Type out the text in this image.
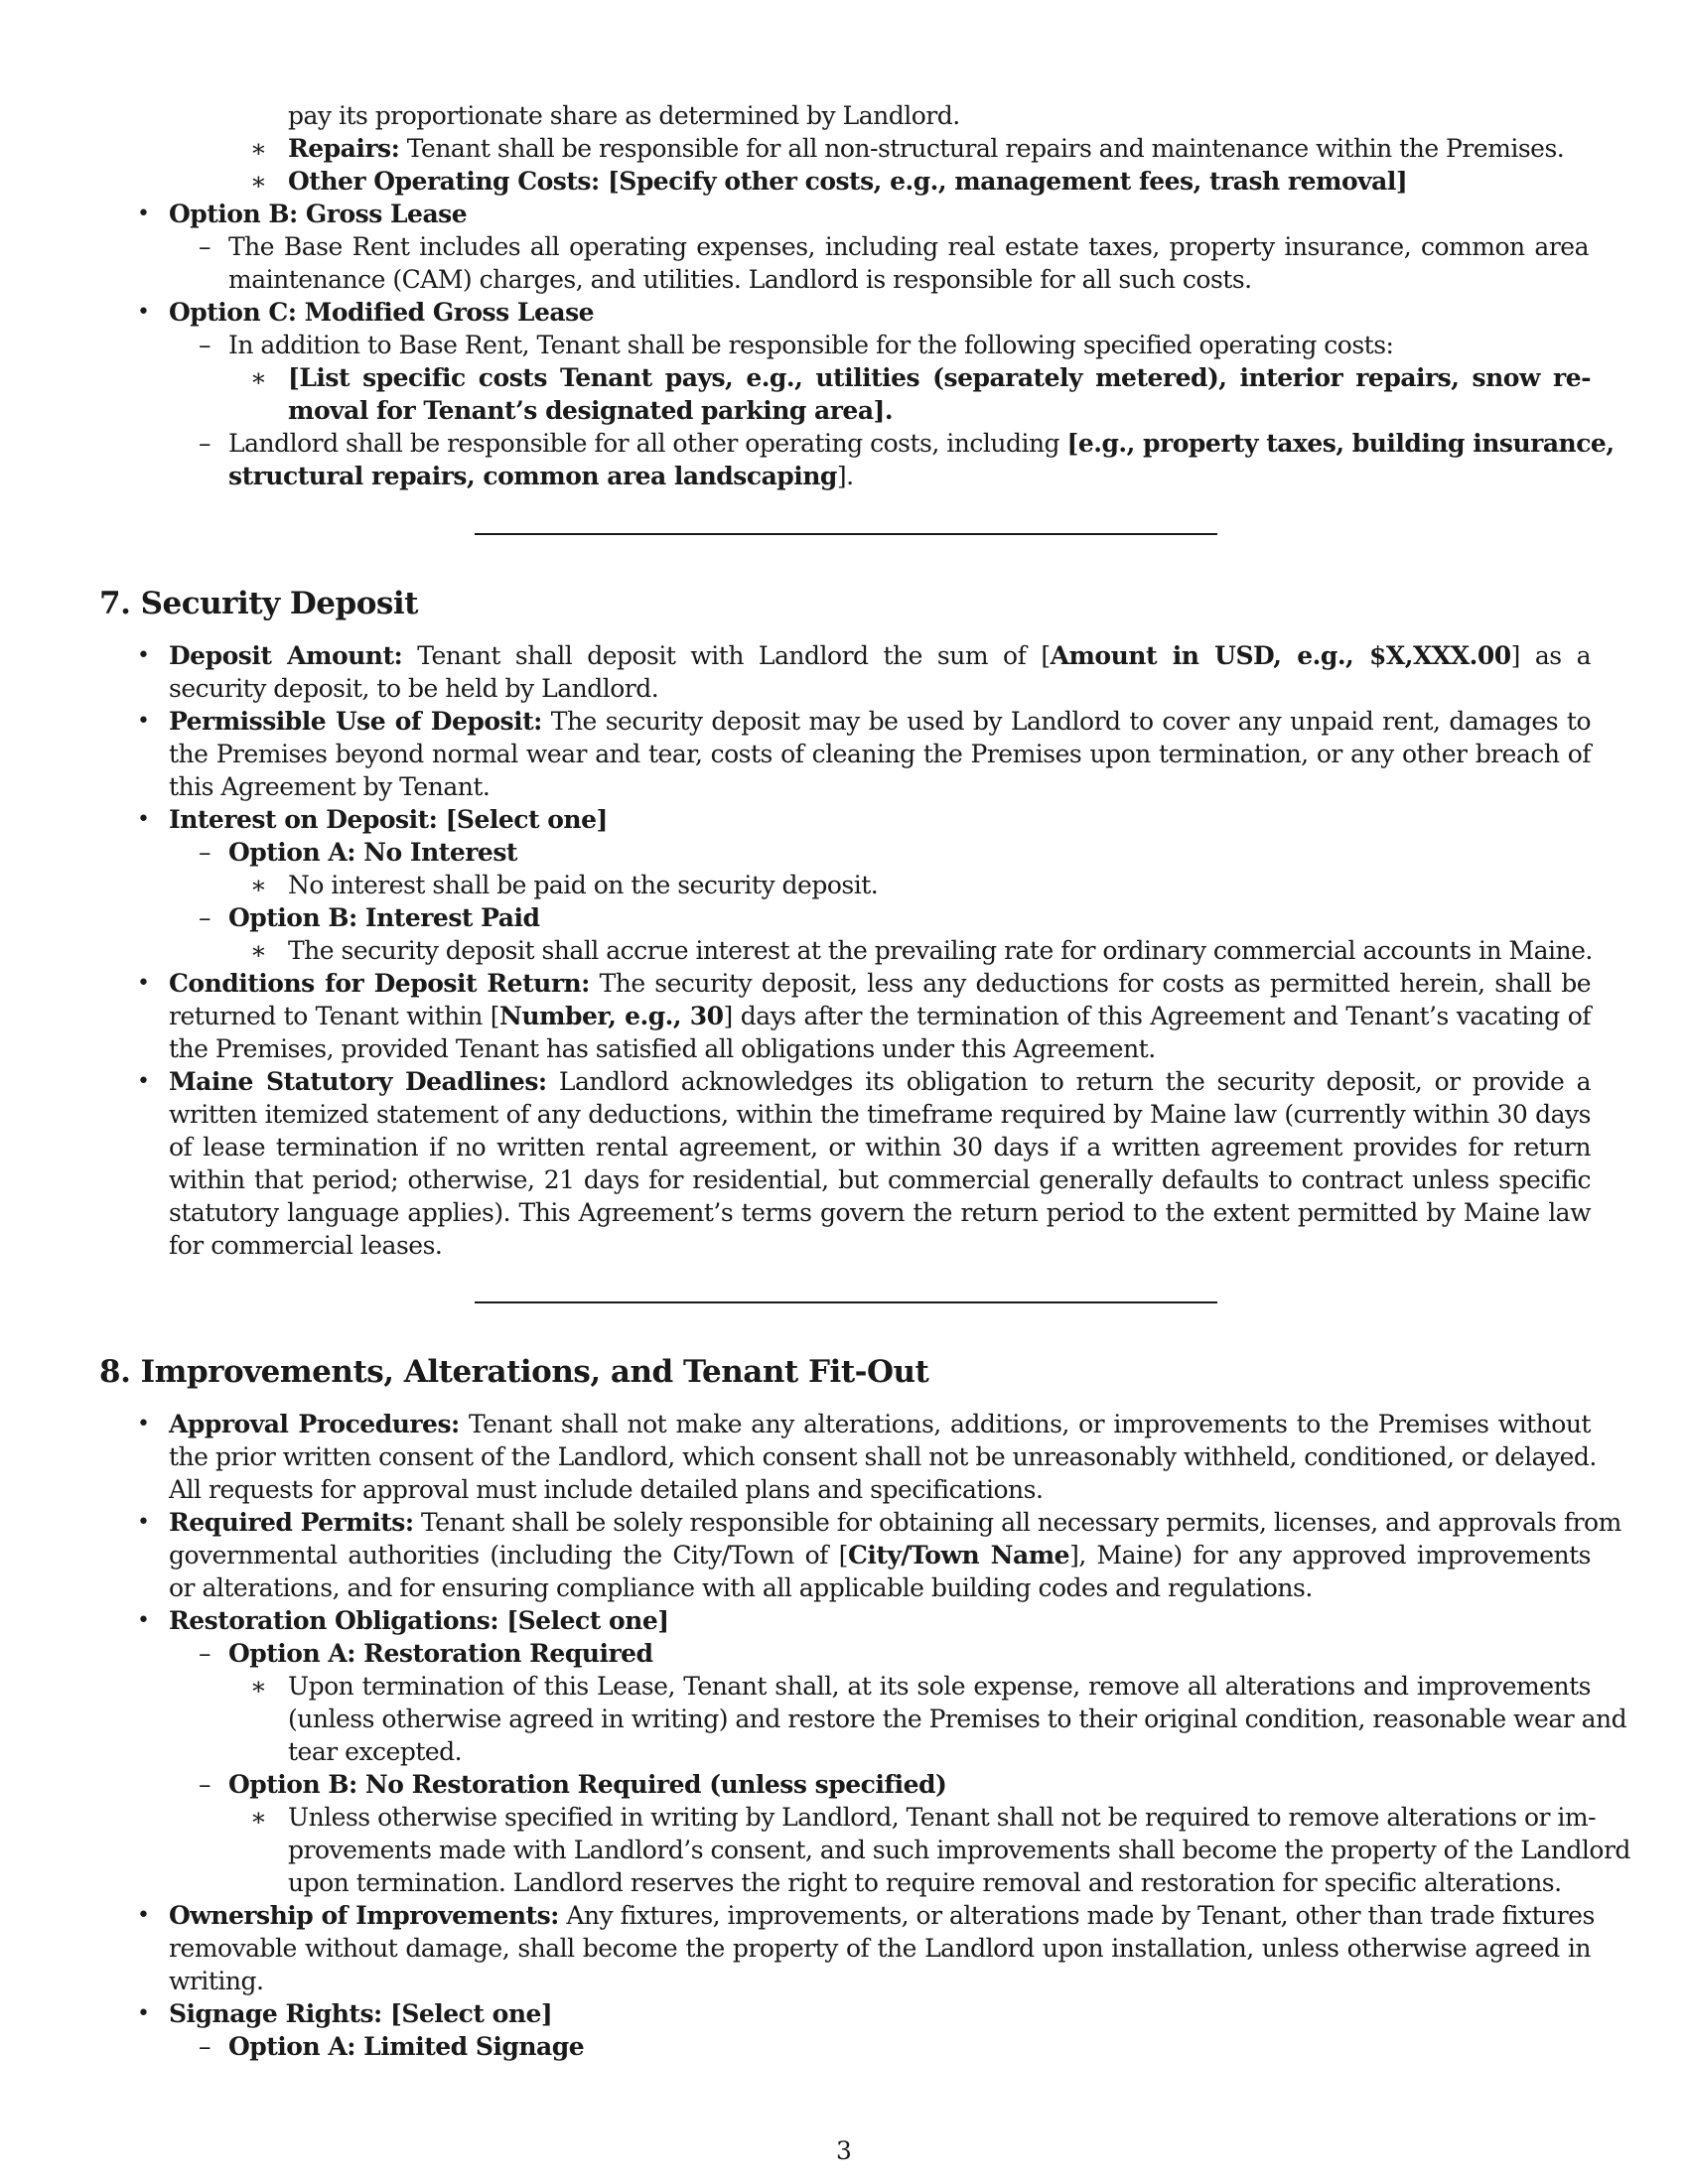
pay its proportionate share as determined by Landlord.
∗ Repairs: Tenant shall be responsible for all non-structural repairs and maintenance within the Premises.
∗ Other Operating Costs: [Specify other costs, e.g., management fees, trash removal]
• Option B: Gross Lease
– The Base Rent includes all operating expenses, including real estate taxes, property insurance, common area
maintenance (CAM) charges, and utilities. Landlord is responsible for all such costs.
• Option C: Modified Gross Lease
– In addition to Base Rent, Tenant shall be responsible for the following specified operating costs:
∗ [List specific costs Tenant pays, e.g., utilities (separately metered), interior repairs, snow re-
moval for Tenant’s designated parking area].
– Landlord shall be responsible for all other operating costs, including [e.g., property taxes, building insurance,
structural repairs, common area landscaping].
7. Security Deposit
• Deposit Amount: Tenant shall deposit with Landlord the sum of [Amount in USD, e.g., $X,XXX.00] as a
security deposit, to be held by Landlord.
• Permissible Use of Deposit: The security deposit may be used by Landlord to cover any unpaid rent, damages to
the Premises beyond normal wear and tear, costs of cleaning the Premises upon termination, or any other breach of
this Agreement by Tenant.
• Interest on Deposit: [Select one]
– Option A: No Interest
∗ No interest shall be paid on the security deposit.
– Option B: Interest Paid
∗ The security deposit shall accrue interest at the prevailing rate for ordinary commercial accounts in Maine.
• Conditions for Deposit Return: The security deposit, less any deductions for costs as permitted herein, shall be
returned to Tenant within [Number, e.g., 30] days after the termination of this Agreement and Tenant’s vacating of
the Premises, provided Tenant has satisfied all obligations under this Agreement.
• Maine Statutory Deadlines: Landlord acknowledges its obligation to return the security deposit, or provide a
written itemized statement of any deductions, within the timeframe required by Maine law (currently within 30 days
of lease termination if no written rental agreement, or within 30 days if a written agreement provides for return
within that period; otherwise, 21 days for residential, but commercial generally defaults to contract unless specific
statutory language applies). This Agreement’s terms govern the return period to the extent permitted by Maine law
for commercial leases.
8. Improvements, Alterations, and Tenant Fit-Out
• Approval Procedures: Tenant shall not make any alterations, additions, or improvements to the Premises without
the prior written consent of the Landlord, which consent shall not be unreasonably withheld, conditioned, or delayed.
All requests for approval must include detailed plans and specifications.
• Required Permits: Tenant shall be solely responsible for obtaining all necessary permits, licenses, and approvals from
governmental authorities (including the City/Town of [City/Town Name], Maine) for any approved improvements
or alterations, and for ensuring compliance with all applicable building codes and regulations.
• Restoration Obligations: [Select one]
– Option A: Restoration Required
∗ Upon termination of this Lease, Tenant shall, at its sole expense, remove all alterations and improvements
(unless otherwise agreed in writing) and restore the Premises to their original condition, reasonable wear and
tear excepted.
– Option B: No Restoration Required (unless specified)
∗ Unless otherwise specified in writing by Landlord, Tenant shall not be required to remove alterations or im-
provements made with Landlord’s consent, and such improvements shall become the property of the Landlord
upon termination. Landlord reserves the right to require removal and restoration for specific alterations.
• Ownership of Improvements: Any fixtures, improvements, or alterations made by Tenant, other than trade fixtures
removable without damage, shall become the property of the Landlord upon installation, unless otherwise agreed in
writing.
• Signage Rights: [Select one]
– Option A: Limited Signage
3
